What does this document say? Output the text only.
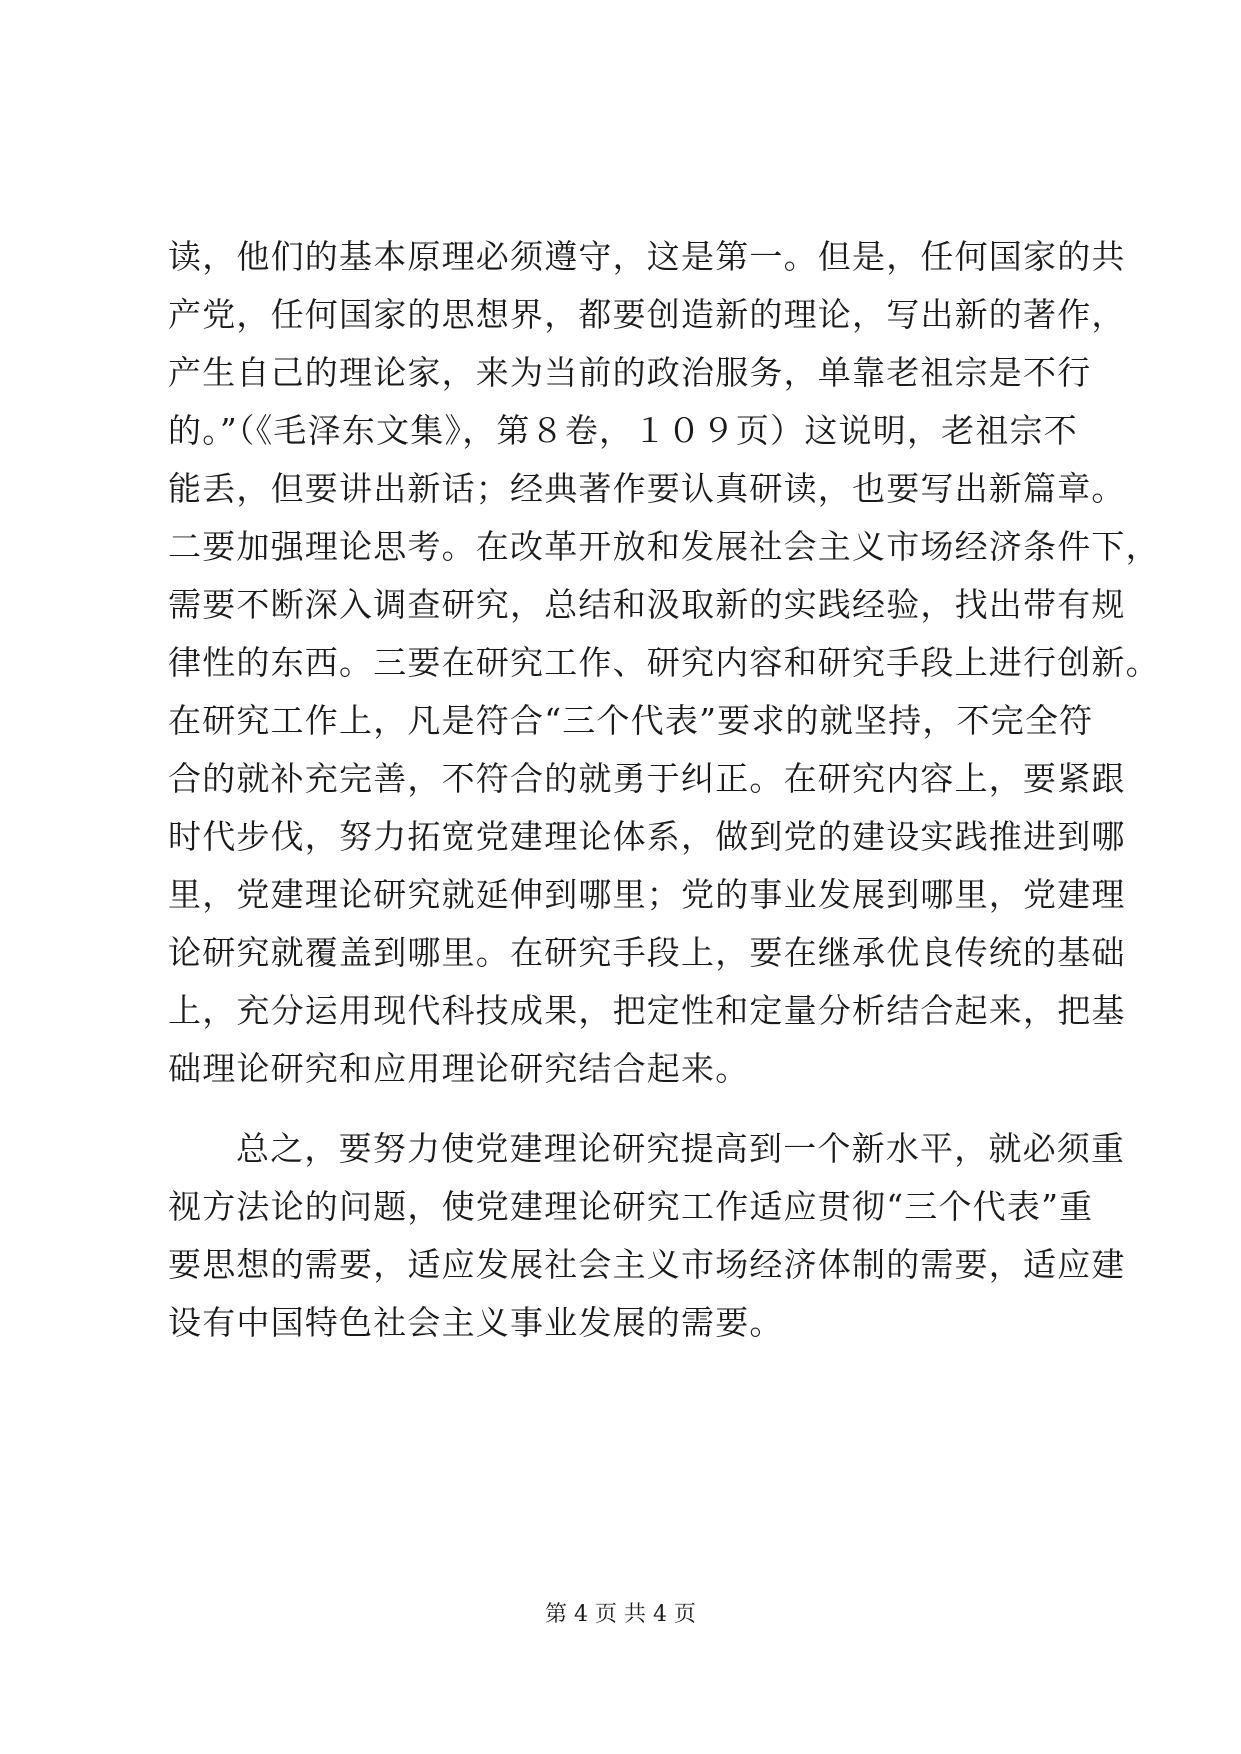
读，他们的基本原理必须遵守，这是第一。但是，任何国家的共
产党，任何国家的思想界，都要创造新的理论，写出新的著作，
产生自己的理论家，来为当前的政治服务，单靠老祖宗是不行
的。”（《毛泽东文集》，第８卷，１０９页）这说明，老祖宗不
能丢，但要讲出新话；经典著作要认真研读，也要写出新篇章。
二要加强理论思考。在改革开放和发展社会主义市场经济条件下，
需要不断深入调查研究，总结和汲取新的实践经验，找出带有规
律性的东西。三要在研究工作、研究内容和研究手段上进行创新。
在研究工作上，凡是符合“三个代表”要求的就坚持，不完全符
合的就补充完善，不符合的就勇于纠正。在研究内容上，要紧跟
时代步伐，努力拓宽党建理论体系，做到党的建设实践推进到哪
里，党建理论研究就延伸到哪里；党的事业发展到哪里，党建理
论研究就覆盖到哪里。在研究手段上，要在继承优良传统的基础
上，充分运用现代科技成果，把定性和定量分析结合起来，把基
础理论研究和应用理论研究结合起来。
总之，要努力使党建理论研究提高到一个新水平，就必须重
视方法论的问题，使党建理论研究工作适应贯彻“三个代表”重
要思想的需要，适应发展社会主义市场经济体制的需要，适应建
设有中国特色社会主义事业发展的需要。
第 4 页 共 4 页
